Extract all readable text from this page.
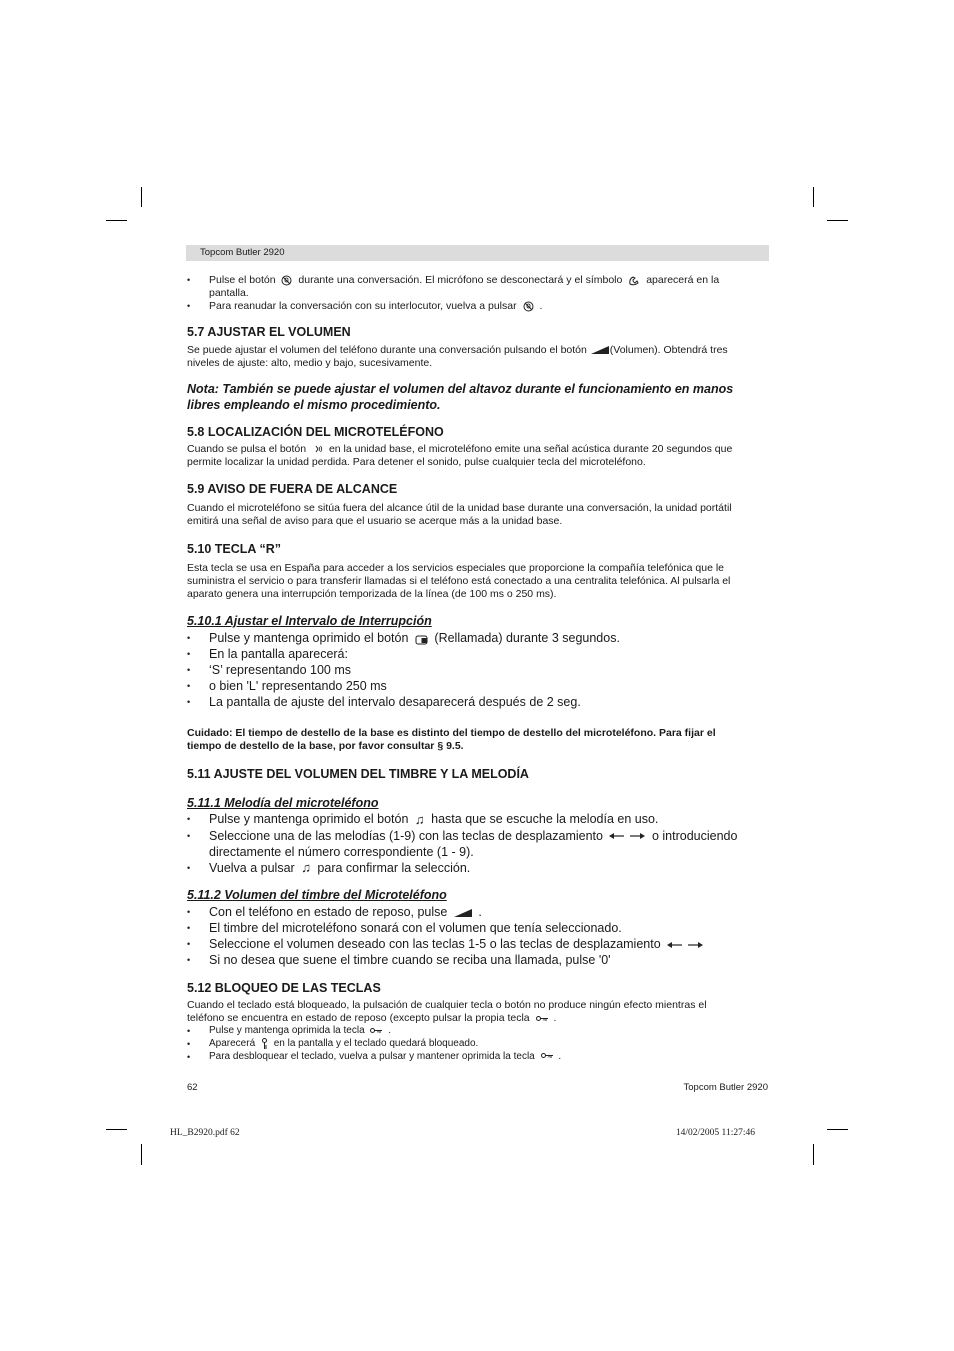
Topcom Butler 2920
• Pulse el botón durante una conversación. El micrófono se desconectará y el símbolo aparecerá en la
pantalla.
• Para reanudar la conversación con su interlocutor, vuelva a pulsar .

5.7 AJUSTAR EL VOLUMEN

Se puede ajustar el volumen del teléfono durante una conversación pulsando el botón (Volumen). Obtendrá tres
niveles de ajuste: alto, medio y bajo, sucesivamente.

Nota: También se puede ajustar el volumen del altavoz durante el funcionamiento en manos
libres empleando el mismo procedimiento.

5.8 LOCALIZACIÓN DEL MICROTELÉFONO

Cuando se pulsa el botón en la unidad base, el microteléfono emite una señal acústica durante 20 segundos que
permite localizar la unidad perdida. Para detener el sonido, pulse cualquier tecla del microteléfono.

5.9 AVISO DE FUERA DE ALCANCE

Cuando el microteléfono se sitúa fuera del alcance útil de la unidad base durante una conversación, la unidad portátil
emitirá una señal de aviso para que el usuario se acerque más a la unidad base.

5.10 TECLA “R”

Esta tecla se usa en España para acceder a los servicios especiales que proporcione la compañía telefónica que le
suministra el servicio o para transferir llamadas si el teléfono está conectado a una centralita telefónica. Al pulsarla el
aparato genera una interrupción temporizada de la línea (de 100 ms o 250 ms).

5.10.1 Ajustar el Intervalo de Interrupción

• Pulse y mantenga oprimido el botón (Rellamada) durante 3 segundos.
• En la pantalla aparecerá:
• ‘S’ representando 100 ms
• o bien 'L' representando 250 ms
• La pantalla de ajuste del intervalo desaparecerá después de 2 seg.

Cuidado: El tiempo de destello de la base es distinto del tiempo de destello del microteléfono. Para fijar el
tiempo de destello de la base, por favor consultar § 9.5.

5.11 AJUSTE DEL VOLUMEN DEL TIMBRE Y LA MELODÍA

5.11.1 Melodía del microteléfono

• Pulse y mantenga oprimido el botón ♫ hasta que se escuche la melodía en uso.
• Seleccione una de las melodías (1-9) con las teclas de desplazamiento	o introduciendo
directamente el número correspondiente (1 - 9).
• Vuelva a pulsar ♫ para confirmar la selección.

5.11.2 Volumen del timbre del Microteléfono

• Con el teléfono en estado de reposo, pulse .
• El timbre del microteléfono sonará con el volumen que tenía seleccionado.
• Seleccione el volumen deseado con las teclas 1-5 o las teclas de desplazamiento
• Si no desea que suene el timbre cuando se reciba una llamada, pulse '0'

5.12 BLOQUEO DE LAS TECLAS

Cuando el teclado está bloqueado, la pulsación de cualquier tecla o botón no produce ningún efecto mientras el
teléfono se encuentra en estado de reposo (excepto pulsar la propia tecla .

• Pulse y mantenga oprimida la tecla .
• Aparecerá en la pantalla y el teclado quedará bloqueado.
• Para desbloquear el teclado, vuelva a pulsar y mantener oprimida la tecla .
62	Topcom Butler 2920
HL_B2920.pdf 62	14/02/2005 11:27:46
